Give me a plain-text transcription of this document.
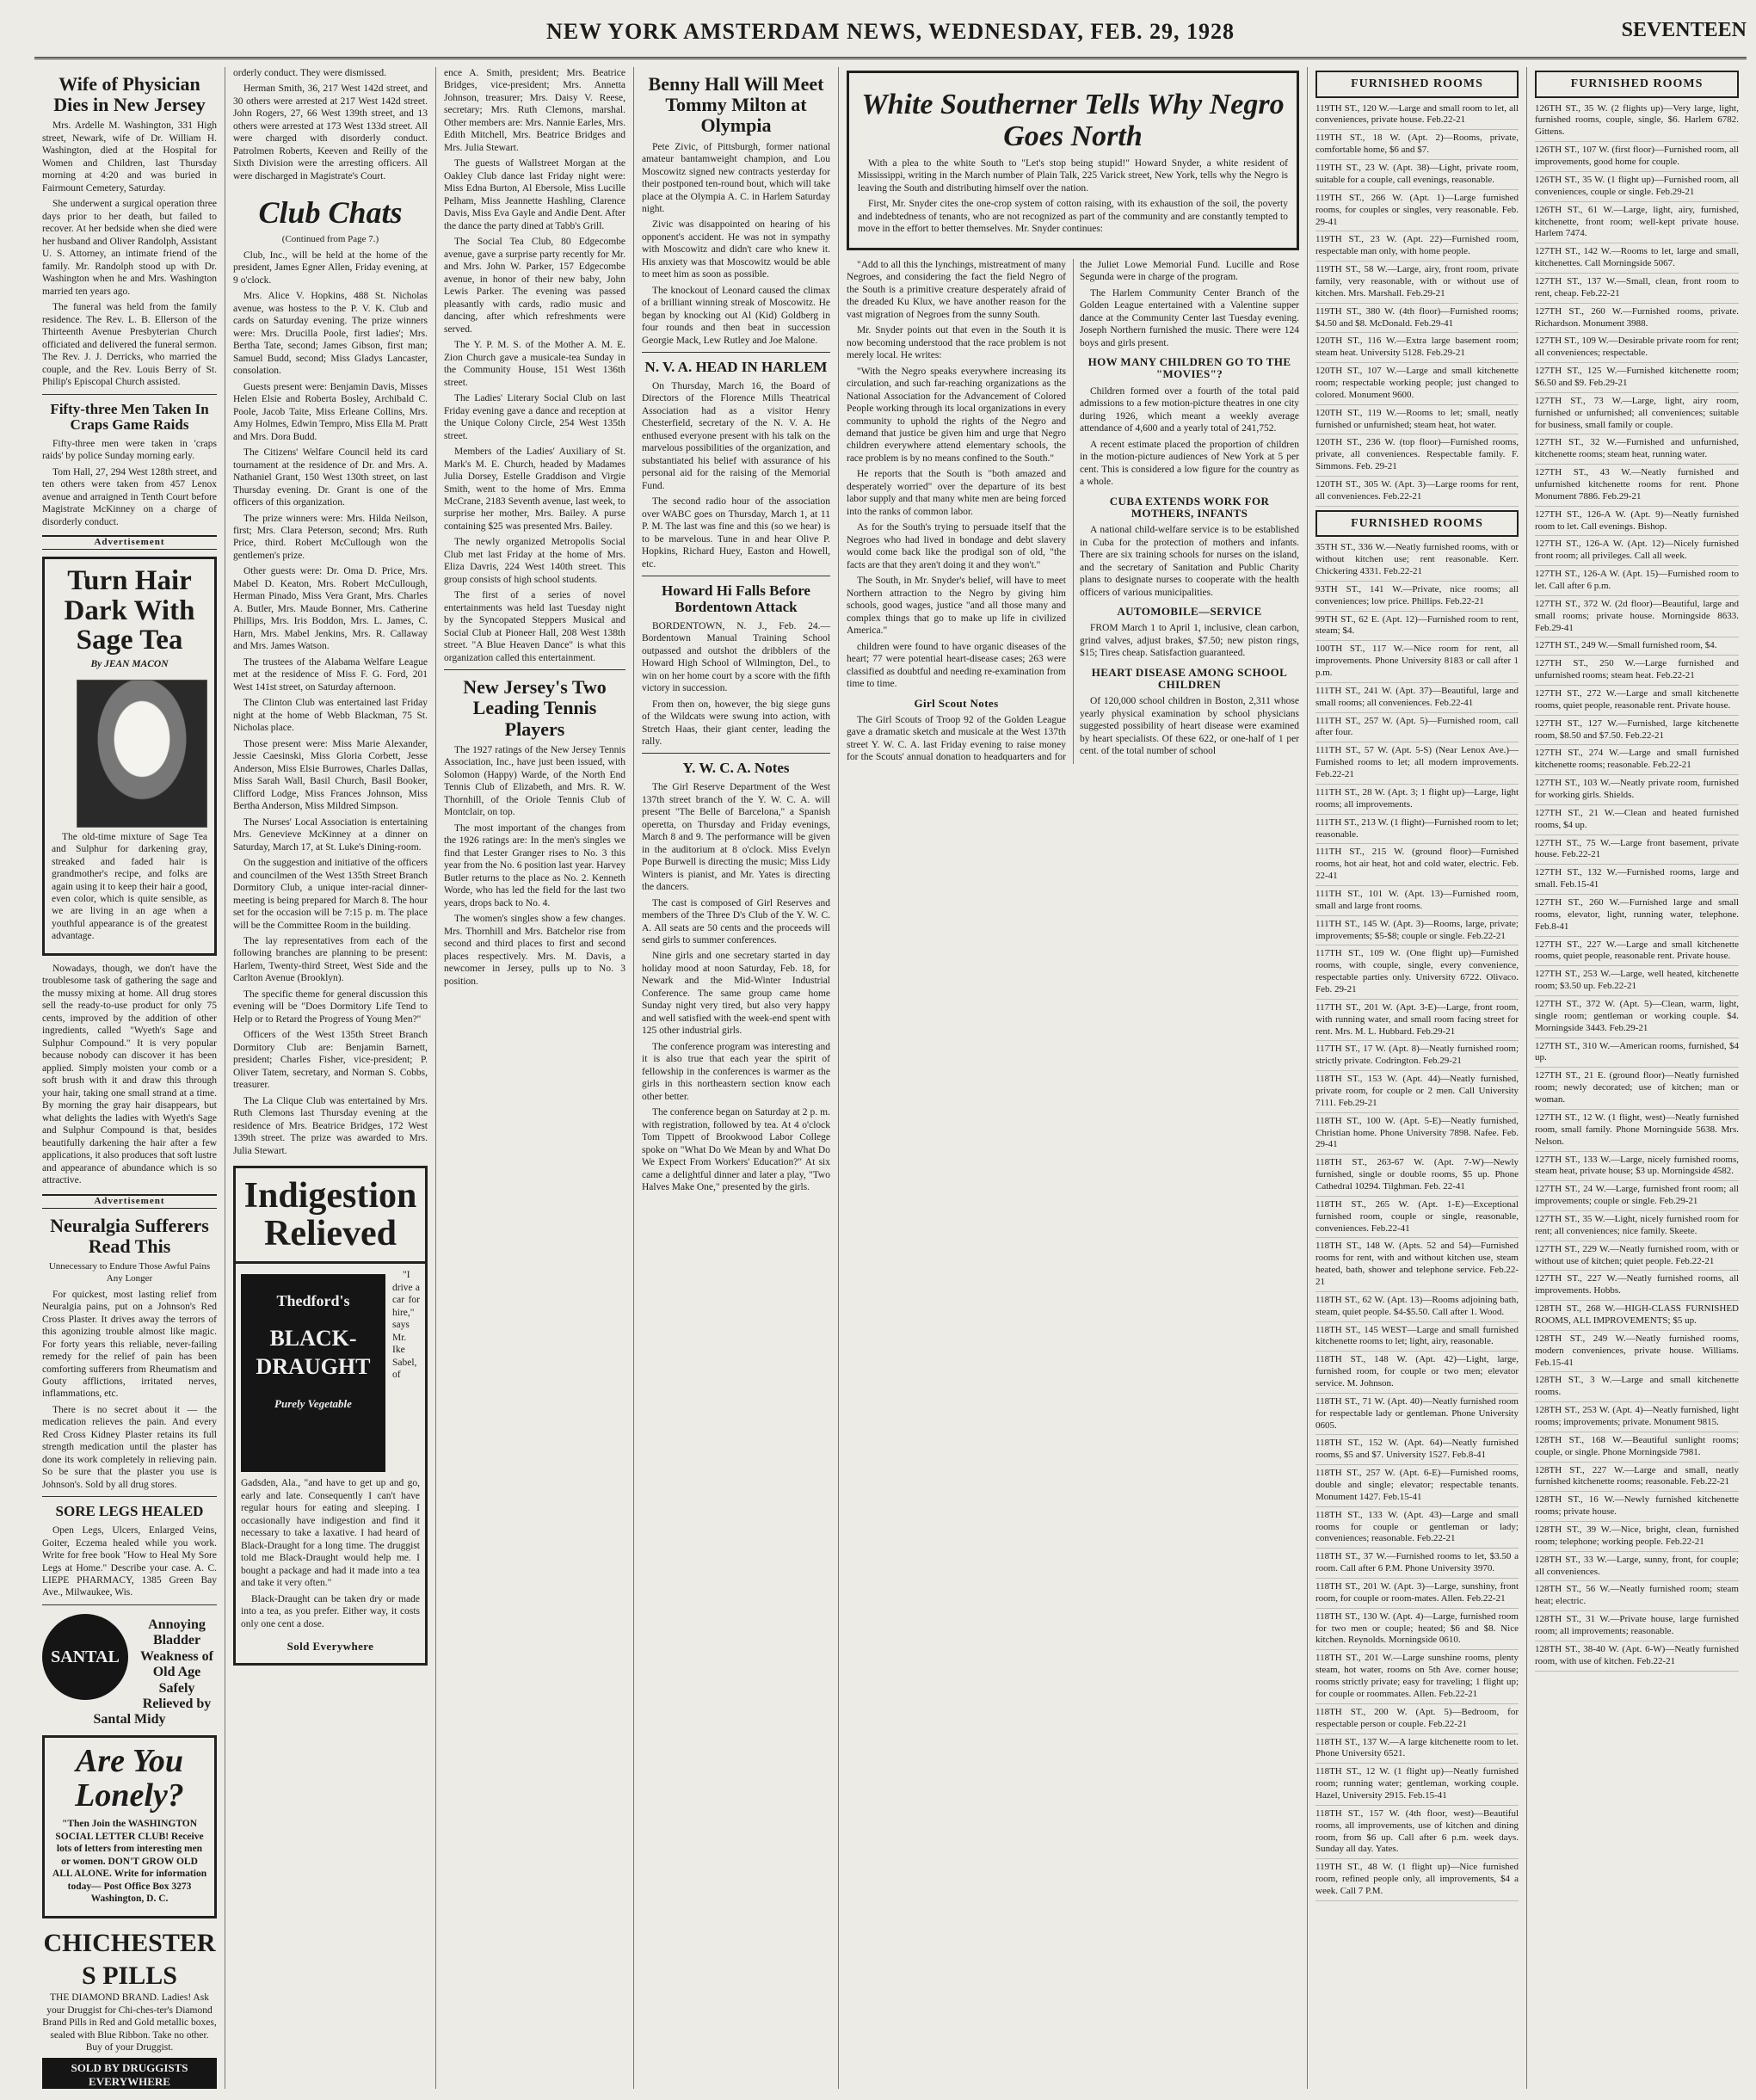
NEW YORK AMSTERDAM NEWS, WEDNESDAY, FEB. 29, 1928	SEVENTEEN
Wife of Physician Dies in New Jersey

Mrs. Ardelle M. Washington, 331 High street, Newark, wife of Dr. William H. Washington, died at the Hospital for Women and Children, last Thursday morning at 4:20 and was buried in Fairmount Cemetery, Saturday.

She underwent a surgical operation three days prior to her death, but failed to recover. At her bedside when she died were her husband and Oliver Randolph, Assistant U. S. Attorney, an intimate friend of the family. Mr. Randolph stood up with Dr. Washington when he and Mrs. Washington married ten years ago.

The funeral was held from the family residence. The Rev. L. B. Ellerson of the Thirteenth Avenue Presbyterian Church officiated and delivered the funeral sermon. The Rev. J. J. Derricks, who married the couple, and the Rev. Louis Berry of St. Philip's Episcopal Church assisted.

Fifty-three Men Taken In Craps Game Raids

Fifty-three men were taken in 'craps raids' by police Sunday morning early.

Tom Hall, 27, 294 West 128th street, and ten others were taken from 457 Lenox avenue and arraigned in Tenth Court before Magistrate McKinney on a charge of disorderly conduct.

Advertisement
Turn Hair Dark With Sage Tea
By JEAN MACON

The old-time mixture of Sage Tea and Sulphur for darkening gray, streaked and faded hair is grandmother's recipe, and folks are again using it to keep their hair a good, even color, which is quite sensible, as we are living in an age when a youthful appearance is of the greatest advantage.

Nowadays, though, we don't have the troublesome task of gathering the sage and the mussy mixing at home. All drug stores sell the ready-to-use product for only 75 cents, improved by the addition of other ingredients, called "Wyeth's Sage and Sulphur Compound." It is very popular because nobody can discover it has been applied. Simply moisten your comb or a soft brush with it and draw this through your hair, taking one small strand at a time. By morning the gray hair disappears, but what delights the ladies with Wyeth's Sage and Sulphur Compound is that, besides beautifully darkening the hair after a few applications, it also produces that soft lustre and appearance of abundance which is so attractive.

Advertisement
Neuralgia Sufferers Read This
Unnecessary to Endure Those Awful Pains Any Longer

For quickest, most lasting relief from Neuralgia pains, put on a Johnson's Red Cross Plaster. It drives away the terrors of this agonizing trouble almost like magic. For forty years this reliable, never-failing remedy for the relief of pain has been comforting sufferers from Rheumatism and Gouty afflictions, irritated nerves, inflammations, etc.

There is no secret about it — the medication relieves the pain. And every Red Cross Kidney Plaster retains its full strength medication until the plaster has done its work completely in relieving pain. So be sure that the plaster you use is Johnson's. Sold by all drug stores.

SORE LEGS HEALED

Open Legs, Ulcers, Enlarged Veins, Goiter, Eczema healed while you work. Write for free book "How to Heal My Sore Legs at Home." Describe your case. A. C. LIEPE PHARMACY, 1385 Green Bay Ave., Milwaukee, Wis.

SANTAL
Annoying Bladder Weakness of Old Age Safely Relieved by Santal Midy
Are You Lonely?

"Then Join the WASHINGTON SOCIAL LETTER CLUB! Receive lots of letters from interesting men or women. DON'T GROW OLD ALL ALONE. Write for information today— Post Office Box 3273 Washington, D. C.

CHICHESTER S PILLS

THE DIAMOND BRAND. Ladies! Ask your Druggist for Chi-ches-ter's Diamond Brand Pills in Red and Gold metallic boxes, sealed with Blue Ribbon. Take no other. Buy of your Druggist.

SOLD BY DRUGGISTS EVERYWHERE

orderly conduct. They were dismissed.

Herman Smith, 36, 217 West 142d street, and 30 others were arrested at 217 West 142d street. John Rogers, 27, 66 West 139th street, and 13 others were arrested at 173 West 133d street. All were charged with disorderly conduct. Patrolmen Roberts, Keeven and Reilly of the Sixth Division were the arresting officers. All were discharged in Magistrate's Court.

Club Chats
(Continued from Page 7.)

Club, Inc., will be held at the home of the president, James Egner Allen, Friday evening, at 9 o'clock.

Mrs. Alice V. Hopkins, 488 St. Nicholas avenue, was hostess to the P. V. K. Club and cards on Saturday evening. The prize winners were: Mrs. Drucilla Poole, first ladies'; Mrs. Bertha Tate, second; James Gibson, first man; Samuel Budd, second; Miss Gladys Lancaster, consolation.

Guests present were: Benjamin Davis, Misses Helen Elsie and Roberta Bosley, Archibald C. Poole, Jacob Taite, Miss Erleane Collins, Mrs. Amy Holmes, Edwin Tempro, Miss Ella M. Pratt and Mrs. Dora Budd.

The Citizens' Welfare Council held its card tournament at the residence of Dr. and Mrs. A. Nathaniel Grant, 150 West 130th street, on last Thursday evening. Dr. Grant is one of the officers of this organization.

The prize winners were: Mrs. Hilda Neilson, first; Mrs. Clara Peterson, second; Mrs. Ruth Price, third. Robert McCullough won the gentlemen's prize.

Other guests were: Dr. Oma D. Price, Mrs. Mabel D. Keaton, Mrs. Robert McCullough, Herman Pinado, Miss Vera Grant, Mrs. Charles A. Butler, Mrs. Maude Bonner, Mrs. Catherine Phillips, Mrs. Iris Boddon, Mrs. L. James, C. Harn, Mrs. Mabel Jenkins, Mrs. R. Callaway and Mrs. James Watson.

The trustees of the Alabama Welfare League met at the residence of Miss F. G. Ford, 201 West 141st street, on Saturday afternoon.

The Clinton Club was entertained last Friday night at the home of Webb Blackman, 75 St. Nicholas place.

Those present were: Miss Marie Alexander, Jessie Caesinski, Miss Gloria Corbett, Jesse Anderson, Miss Elsie Burrowes, Charles Dallas, Miss Sarah Wall, Basil Church, Basil Booker, Clifford Lodge, Miss Frances Johnson, Miss Bertha Anderson, Miss Mildred Simpson.

The Nurses' Local Association is entertaining Mrs. Genevieve McKinney at a dinner on Saturday, March 17, at St. Luke's Dining-room.

On the suggestion and initiative of the officers and councilmen of the West 135th Street Branch Dormitory Club, a unique inter-racial dinner-meeting is being prepared for March 8. The hour set for the occasion will be 7:15 p. m. The place will be the Committee Room in the building.

The lay representatives from each of the following branches are planning to be present: Harlem, Twenty-third Street, West Side and the Carlton Avenue (Brooklyn).

The specific theme for general discussion this evening will be "Does Dormitory Life Tend to Help or to Retard the Progress of Young Men?"

Officers of the West 135th Street Branch Dormitory Club are: Benjamin Barnett, president; Charles Fisher, vice-president; P. Oliver Tatem, secretary, and Norman S. Cobbs, treasurer.

The La Clique Club was entertained by Mrs. Ruth Clemons last Thursday evening at the residence of Mrs. Beatrice Bridges, 172 West 139th street. The prize was awarded to Mrs. Julia Stewart.

Indigestion Relieved
Thedford's
BLACK-DRAUGHT
Purely Vegetable

"I drive a car for hire," says Mr. Ike Sabel, of Gadsden, Ala., "and have to get up and go, early and late. Consequently I can't have regular hours for eating and sleeping. I occasionally have indigestion and find it necessary to take a laxative. I had heard of Black-Draught for a long time. The druggist told me Black-Draught would help me. I bought a package and had it made into a tea and take it very often."

Black-Draught can be taken dry or made into a tea, as you prefer. Either way, it costs only one cent a dose.

Sold Everywhere

ence A. Smith, president; Mrs. Beatrice Bridges, vice-president; Mrs. Annetta Johnson, treasurer; Mrs. Daisy V. Reese, secretary; Mrs. Ruth Clemons, marshal. Other members are: Mrs. Nannie Earles, Mrs. Edith Mitchell, Mrs. Beatrice Bridges and Mrs. Julia Stewart.

The guests of Wallstreet Morgan at the Oakley Club dance last Friday night were: Miss Edna Burton, Al Ebersole, Miss Lucille Pelham, Miss Jeannette Hashling, Clarence Davis, Miss Eva Gayle and Andie Dent. After the dance the party dined at Tabb's Grill.

The Social Tea Club, 80 Edgecombe avenue, gave a surprise party recently for Mr. and Mrs. John W. Parker, 157 Edgecombe avenue, in honor of their new baby, John Lewis Parker. The evening was passed pleasantly with cards, radio music and dancing, after which refreshments were served.

The Y. P. M. S. of the Mother A. M. E. Zion Church gave a musicale-tea Sunday in the Community House, 151 West 136th street.

The Ladies' Literary Social Club on last Friday evening gave a dance and reception at the Unique Colony Circle, 254 West 135th street.

Members of the Ladies' Auxiliary of St. Mark's M. E. Church, headed by Madames Julia Dorsey, Estelle Graddison and Virgie Smith, went to the home of Mrs. Emma McCrane, 2183 Seventh avenue, last week, to surprise her mother, Mrs. Bailey. A purse containing $25 was presented Mrs. Bailey.

The newly organized Metropolis Social Club met last Friday at the home of Mrs. Eliza Davris, 224 West 140th street. This group consists of high school students.

The first of a series of novel entertainments was held last Tuesday night by the Syncopated Steppers Musical and Social Club at Pioneer Hall, 208 West 138th street. "A Blue Heaven Dance" is what this organization called this entertainment.

New Jersey's Two Leading Tennis Players

The 1927 ratings of the New Jersey Tennis Association, Inc., have just been issued, with Solomon (Happy) Warde, of the North End Tennis Club of Elizabeth, and Mrs. R. W. Thornhill, of the Oriole Tennis Club of Montclair, on top.

The most important of the changes from the 1926 ratings are: In the men's singles we find that Lester Granger rises to No. 3 this year from the No. 6 position last year. Harvey Butler returns to the place as No. 2. Kenneth Worde, who has led the field for the last two years, drops back to No. 4.

The women's singles show a few changes. Mrs. Thornhill and Mrs. Batchelor rise from second and third places to first and second places respectively. Mrs. M. Davis, a newcomer in Jersey, pulls up to No. 3 position.

Benny Hall Will Meet Tommy Milton at Olympia

Pete Zivic, of Pittsburgh, former national amateur bantamweight champion, and Lou Moscowitz signed new contracts yesterday for their postponed ten-round bout, which will take place at the Olympia A. C. in Harlem Saturday night.

Zivic was disappointed on hearing of his opponent's accident. He was not in sympathy with Moscowitz and didn't care who knew it. His anxiety was that Moscowitz would be able to meet him as soon as possible.

The knockout of Leonard caused the climax of a brilliant winning streak of Moscowitz. He began by knocking out Al (Kid) Goldberg in four rounds and then beat in succession Georgie Mack, Lew Rutley and Joe Malone.

N. V. A. HEAD IN HARLEM

On Thursday, March 16, the Board of Directors of the Florence Mills Theatrical Association had as a visitor Henry Chesterfield, secretary of the N. V. A. He enthused everyone present with his talk on the marvelous possibilities of the organization, and substantiated his belief with assurance of his personal aid for the raising of the Memorial Fund.

The second radio hour of the association over WABC goes on Thursday, March 1, at 11 P. M. The last was fine and this (so we hear) is to be marvelous. Tune in and hear Olive P. Hopkins, Richard Huey, Easton and Howell, etc.

Howard Hi Falls Before Bordentown Attack

BORDENTOWN, N. J., Feb. 24.— Bordentown Manual Training School outpassed and outshot the dribblers of the Howard High School of Wilmington, Del., to win on her home court by a score with the fifth victory in succession.

From then on, however, the big siege guns of the Wildcats were swung into action, with Stretch Haas, their giant center, leading the rally.

Y. W. C. A. Notes

The Girl Reserve Department of the West 137th street branch of the Y. W. C. A. will present "The Belle of Barcelona," a Spanish operetta, on Thursday and Friday evenings, March 8 and 9. The performance will be given in the auditorium at 8 o'clock. Miss Evelyn Pope Burwell is directing the music; Miss Lidy Winters is pianist, and Mr. Yates is directing the dancers.

The cast is composed of Girl Reserves and members of the Three D's Club of the Y. W. C. A. All seats are 50 cents and the proceeds will send girls to summer conferences.

Nine girls and one secretary started in day holiday mood at noon Saturday, Feb. 18, for Newark and the Mid-Winter Industrial Conference. The same group came home Sunday night very tired, but also very happy and well satisfied with the week-end spent with 125 other industrial girls.

The conference program was interesting and it is also true that each year the spirit of fellowship in the conferences is warmer as the girls in this northeastern section know each other better.

The conference began on Saturday at 2 p. m. with registration, followed by tea. At 4 o'clock Tom Tippett of Brookwood Labor College spoke on "What Do We Mean by and What Do We Expect From Workers' Education?" At six came a delightful dinner and later a play, "Two Halves Make One," presented by the girls.

White Southerner Tells Why Negro Goes North

With a plea to the white South to "Let's stop being stupid!" Howard Snyder, a white resident of Mississippi, writing in the March number of Plain Talk, 225 Varick street, New York, tells why the Negro is leaving the South and distributing himself over the nation.

First, Mr. Snyder cites the one-crop system of cotton raising, with its exhaustion of the soil, the poverty and indebtedness of tenants, who are not recognized as part of the community and are constantly tempted to move in the effort to better themselves. Mr. Snyder continues:

"Add to all this the lynchings, mistreatment of many Negroes, and considering the fact the field Negro of the South is a primitive creature desperately afraid of the dreaded Ku Klux, we have another reason for the vast migration of Negroes from the sunny South.

Mr. Snyder points out that even in the South it is now becoming understood that the race problem is not merely local. He writes:

"With the Negro speaks everywhere increasing its circulation, and such far-reaching organizations as the National Association for the Advancement of Colored People working through its local organizations in every community to uphold the rights of the Negro and demand that justice be given him and urge that Negro children everywhere attend elementary schools, the race problem is by no means confined to the South."

He reports that the South is "both amazed and desperately worried" over the departure of its best labor supply and that many white men are being forced into the ranks of common labor.

As for the South's trying to persuade itself that the Negroes who had lived in bondage and debt slavery would come back like the prodigal son of old, "the facts are that they aren't doing it and they won't."

The South, in Mr. Snyder's belief, will have to meet Northern attraction to the Negro by giving him schools, good wages, justice "and all those many and complex things that go to make up life in civilized America."

children were found to have organic diseases of the heart; 77 were potential heart-disease cases; 263 were classified as doubtful and needing re-examination from time to time.

Girl Scout Notes

The Girl Scouts of Troop 92 of the Golden League gave a dramatic sketch and musicale at the West 137th street Y. W. C. A. last Friday evening to raise money for the Scouts' annual donation to headquarters and for the Juliet Lowe Memorial Fund. Lucille and Rose Segunda were in charge of the program.

The Harlem Community Center Branch of the Golden League entertained with a Valentine supper dance at the Community Center last Tuesday evening. Joseph Northern furnished the music. There were 124 boys and girls present.

HOW MANY CHILDREN GO TO THE "MOVIES"?

Children formed over a fourth of the total paid admissions to a few motion-picture theatres in one city during 1926, which meant a weekly average attendance of 4,600 and a yearly total of 241,752.

A recent estimate placed the proportion of children in the motion-picture audiences of New York at 5 per cent. This is considered a low figure for the country as a whole.

CUBA EXTENDS WORK FOR MOTHERS, INFANTS

A national child-welfare service is to be established in Cuba for the protection of mothers and infants. There are six training schools for nurses on the island, and the secretary of Sanitation and Public Charity plans to designate nurses to cooperate with the health officers of various municipalities.

AUTOMOBILE—SERVICE

FROM March 1 to April 1, inclusive, clean carbon, grind valves, adjust brakes, $7.50; new piston rings, $15; Tires cheap. Satisfaction guaranteed.

HEART DISEASE AMONG SCHOOL CHILDREN

Of 120,000 school children in Boston, 2,311 whose yearly physical examination by school physicians suggested possibility of heart disease were examined by heart specialists. Of these 622, or one-half of 1 per cent. of the total number of school

FURNISHED ROOMS

119TH ST., 120 W.—Large and small room to let, all conveniences, private house. Feb.22-21

119TH ST., 18 W. (Apt. 2)—Rooms, private, comfortable home, $6 and $7.

119TH ST., 23 W. (Apt. 38)—Light, private room, suitable for a couple, call evenings, reasonable.

119TH ST., 266 W. (Apt. 1)—Large furnished rooms, for couples or singles, very reasonable. Feb. 29-41

119TH ST., 23 W. (Apt. 22)—Furnished room, respectable man only, with home people.

119TH ST., 58 W.—Large, airy, front room, private family, very reasonable, with or without use of kitchen. Mrs. Marshall. Feb.29-21

119TH ST., 380 W. (4th floor)—Furnished rooms; $4.50 and $8. McDonald. Feb.29-41

120TH ST., 116 W.—Extra large basement room; steam heat. University 5128. Feb.29-21

120TH ST., 107 W.—Large and small kitchenette room; respectable working people; just changed to colored. Monument 9600.

120TH ST., 119 W.—Rooms to let; small, neatly furnished or unfurnished; steam heat, hot water.

120TH ST., 236 W. (top floor)—Furnished rooms, private, all conveniences. Respectable family. F. Simmons. Feb. 29-21

120TH ST., 305 W. (Apt. 3)—Large rooms for rent, all conveniences. Feb.22-21

FURNISHED ROOMS

35TH ST., 336 W.—Neatly furnished rooms, with or without kitchen use; rent reasonable. Kerr. Chickering 4331. Feb.22-21

93TH ST., 141 W.—Private, nice rooms; all conveniences; low price. Phillips. Feb.22-21

99TH ST., 62 E. (Apt. 12)—Furnished room to rent, steam; $4.

100TH ST., 117 W.—Nice room for rent, all improvements. Phone University 8183 or call after 1 p.m.

111TH ST., 241 W. (Apt. 37)—Beautiful, large and small rooms; all conveniences. Feb.22-41

111TH ST., 257 W. (Apt. 5)—Furnished room, call after four.

111TH ST., 57 W. (Apt. 5-S) (Near Lenox Ave.)—Furnished rooms to let; all modern improvements. Feb.22-21

111TH ST., 28 W. (Apt. 3; 1 flight up)—Large, light rooms; all improvements.

111TH ST., 213 W. (1 flight)—Furnished room to let; reasonable.

111TH ST., 215 W. (ground floor)—Furnished rooms, hot air heat, hot and cold water, electric. Feb. 22-41

111TH ST., 101 W. (Apt. 13)—Furnished room, small and large front rooms.

111TH ST., 145 W. (Apt. 3)—Rooms, large, private; improvements; $5-$8; couple or single. Feb.22-21

117TH ST., 109 W. (One flight up)—Furnished rooms, with couple, single, every convenience, respectable parties only. University 6722. Olivaco. Feb. 29-21

117TH ST., 201 W. (Apt. 3-E)—Large, front room, with running water, and small room facing street for rent. Mrs. M. L. Hubbard. Feb.29-21

117TH ST., 17 W. (Apt. 8)—Neatly furnished room; strictly private. Codrington. Feb.29-21

118TH ST., 153 W. (Apt. 44)—Neatly furnished, private room, for couple or 2 men. Call University 7111. Feb.29-21

118TH ST., 100 W. (Apt. 5-E)—Neatly furnished, Christian home. Phone University 7898. Nafee. Feb. 29-41

118TH ST., 263-67 W. (Apt. 7-W)—Newly furnished, single or double rooms, $5 up. Phone Cathedral 10294. Tilghman. Feb. 22-41

118TH ST., 265 W. (Apt. 1-E)—Exceptional furnished room, couple or single, reasonable, conveniences. Feb.22-41

118TH ST., 148 W. (Apts. 52 and 54)—Furnished rooms for rent, with and without kitchen use, steam heated, bath, shower and telephone service. Feb.22-21

118TH ST., 62 W. (Apt. 13)—Rooms adjoining bath, steam, quiet people. $4-$5.50. Call after 1. Wood.

118TH ST., 145 WEST—Large and small furnished kitchenette rooms to let; light, airy, reasonable.

118TH ST., 148 W. (Apt. 42)—Light, large, furnished room, for couple or two men; elevator service. M. Johnson.

118TH ST., 71 W. (Apt. 40)—Neatly furnished room for respectable lady or gentleman. Phone University 0605.

118TH ST., 152 W. (Apt. 64)—Neatly furnished rooms, $5 and $7. University 1527. Feb.8-41

118TH ST., 257 W. (Apt. 6-E)—Furnished rooms, double and single; elevator; respectable tenants. Monument 1427. Feb.15-41

118TH ST., 133 W. (Apt. 43)—Large and small rooms for couple or gentleman or lady; conveniences; reasonable. Feb.22-21

118TH ST., 37 W.—Furnished rooms to let, $3.50 a room. Call after 6 P.M. Phone University 3970.

118TH ST., 201 W. (Apt. 3)—Large, sunshiny, front room, for couple or room-mates. Allen. Feb.22-21

118TH ST., 130 W. (Apt. 4)—Large, furnished room for two men or couple; heated; $6 and $8. Nice kitchen. Reynolds. Morningside 0610.

118TH ST., 201 W.—Large sunshine rooms, plenty steam, hot water, rooms on 5th Ave. corner house; rooms strictly private; easy for traveling; 1 flight up; for couple or roommates. Allen. Feb.22-21

118TH ST., 200 W. (Apt. 5)—Bedroom, for respectable person or couple. Feb.22-21

118TH ST., 137 W.—A large kitchenette room to let. Phone University 6521.

118TH ST., 12 W. (1 flight up)—Neatly furnished room; running water; gentleman, working couple. Hazel, University 2915. Feb.15-41

118TH ST., 157 W. (4th floor, west)—Beautiful rooms, all improvements, use of kitchen and dining room, from $6 up. Call after 6 p.m. week days. Sunday all day. Yates.

119TH ST., 48 W. (1 flight up)—Nice furnished room, refined people only, all improvements, $4 a week. Call 7 P.M.

FURNISHED ROOMS

126TH ST., 35 W. (2 flights up)—Very large, light, furnished rooms, couple, single, $6. Harlem 6782. Gittens.

126TH ST., 107 W. (first floor)—Furnished room, all improvements, good home for couple.

126TH ST., 35 W. (1 flight up)—Furnished room, all conveniences, couple or single. Feb.29-21

126TH ST., 61 W.—Large, light, airy, furnished, kitchenette, front room; well-kept private house. Harlem 7474.

127TH ST., 142 W.—Rooms to let, large and small, kitchenettes. Call Morningside 5067.

127TH ST., 137 W.—Small, clean, front room to rent, cheap. Feb.22-21

127TH ST., 260 W.—Furnished rooms, private. Richardson. Monument 3988.

127TH ST., 109 W.—Desirable private room for rent; all conveniences; respectable.

127TH ST., 125 W.—Furnished kitchenette room; $6.50 and $9. Feb.29-21

127TH ST., 73 W.—Large, light, airy room, furnished or unfurnished; all conveniences; suitable for business, small family or couple.

127TH ST., 32 W.—Furnished and unfurnished, kitchenette rooms; steam heat, running water.

127TH ST., 43 W.—Neatly furnished and unfurnished kitchenette rooms for rent. Phone Monument 7886. Feb.29-21

127TH ST., 126-A W. (Apt. 9)—Neatly furnished room to let. Call evenings. Bishop.

127TH ST., 126-A W. (Apt. 12)—Nicely furnished front room; all privileges. Call all week.

127TH ST., 126-A W. (Apt. 15)—Furnished room to let. Call after 6 p.m.

127TH ST., 372 W. (2d floor)—Beautiful, large and small rooms; private house. Morningside 8633. Feb.29-41

127TH ST., 249 W.—Small furnished room, $4.

127TH ST., 250 W.—Large furnished and unfurnished rooms; steam heat. Feb.22-21

127TH ST., 272 W.—Large and small kitchenette rooms, quiet people, reasonable rent. Private house.

127TH ST., 127 W.—Furnished, large kitchenette room, $8.50 and $7.50. Feb.22-21

127TH ST., 274 W.—Large and small furnished kitchenette rooms; reasonable. Feb.22-21

127TH ST., 103 W.—Neatly private room, furnished for working girls. Shields.

127TH ST., 21 W.—Clean and heated furnished rooms, $4 up.

127TH ST., 75 W.—Large front basement, private house. Feb.22-21

127TH ST., 132 W.—Furnished rooms, large and small. Feb.15-41

127TH ST., 260 W.—Furnished large and small rooms, elevator, light, running water, telephone. Feb.8-41

127TH ST., 227 W.—Large and small kitchenette rooms, quiet people, reasonable rent. Private house.

127TH ST., 253 W.—Large, well heated, kitchenette room; $3.50 up. Feb.22-21

127TH ST., 372 W. (Apt. 5)—Clean, warm, light, single room; gentleman or working couple. $4. Morningside 3443. Feb.29-21

127TH ST., 310 W.—American rooms, furnished, $4 up.

127TH ST., 21 E. (ground floor)—Neatly furnished room; newly decorated; use of kitchen; man or woman.

127TH ST., 12 W. (1 flight, west)—Neatly furnished room, small family. Phone Morningside 5638. Mrs. Nelson.

127TH ST., 133 W.—Large, nicely furnished rooms, steam heat, private house; $3 up. Morningside 4582.

127TH ST., 24 W.—Large, furnished front room; all improvements; couple or single. Feb.29-21

127TH ST., 35 W.—Light, nicely furnished room for rent; all conveniences; nice family. Skeete.

127TH ST., 229 W.—Neatly furnished room, with or without use of kitchen; quiet people. Feb.22-21

127TH ST., 227 W.—Neatly furnished rooms, all improvements. Hobbs.

128TH ST., 268 W.—HIGH-CLASS FURNISHED ROOMS, ALL IMPROVEMENTS; $5 up.

128TH ST., 249 W.—Neatly furnished rooms, modern conveniences, private house. Williams. Feb.15-41

128TH ST., 3 W.—Large and small kitchenette rooms.

128TH ST., 253 W. (Apt. 4)—Neatly furnished, light rooms; improvements; private. Monument 9815.

128TH ST., 168 W.—Beautiful sunlight rooms; couple, or single. Phone Morningside 7981.

128TH ST., 227 W.—Large and small, neatly furnished kitchenette rooms; reasonable. Feb.22-21

128TH ST., 16 W.—Newly furnished kitchenette rooms; private house.

128TH ST., 39 W.—Nice, bright, clean, furnished room; telephone; working people. Feb.22-21

128TH ST., 33 W.—Large, sunny, front, for couple; all conveniences.

128TH ST., 56 W.—Neatly furnished room; steam heat; electric.

128TH ST., 31 W.—Private house, large furnished room; all improvements; reasonable.

128TH ST., 38-40 W. (Apt. 6-W)—Neatly furnished room, with use of kitchen. Feb.22-21
